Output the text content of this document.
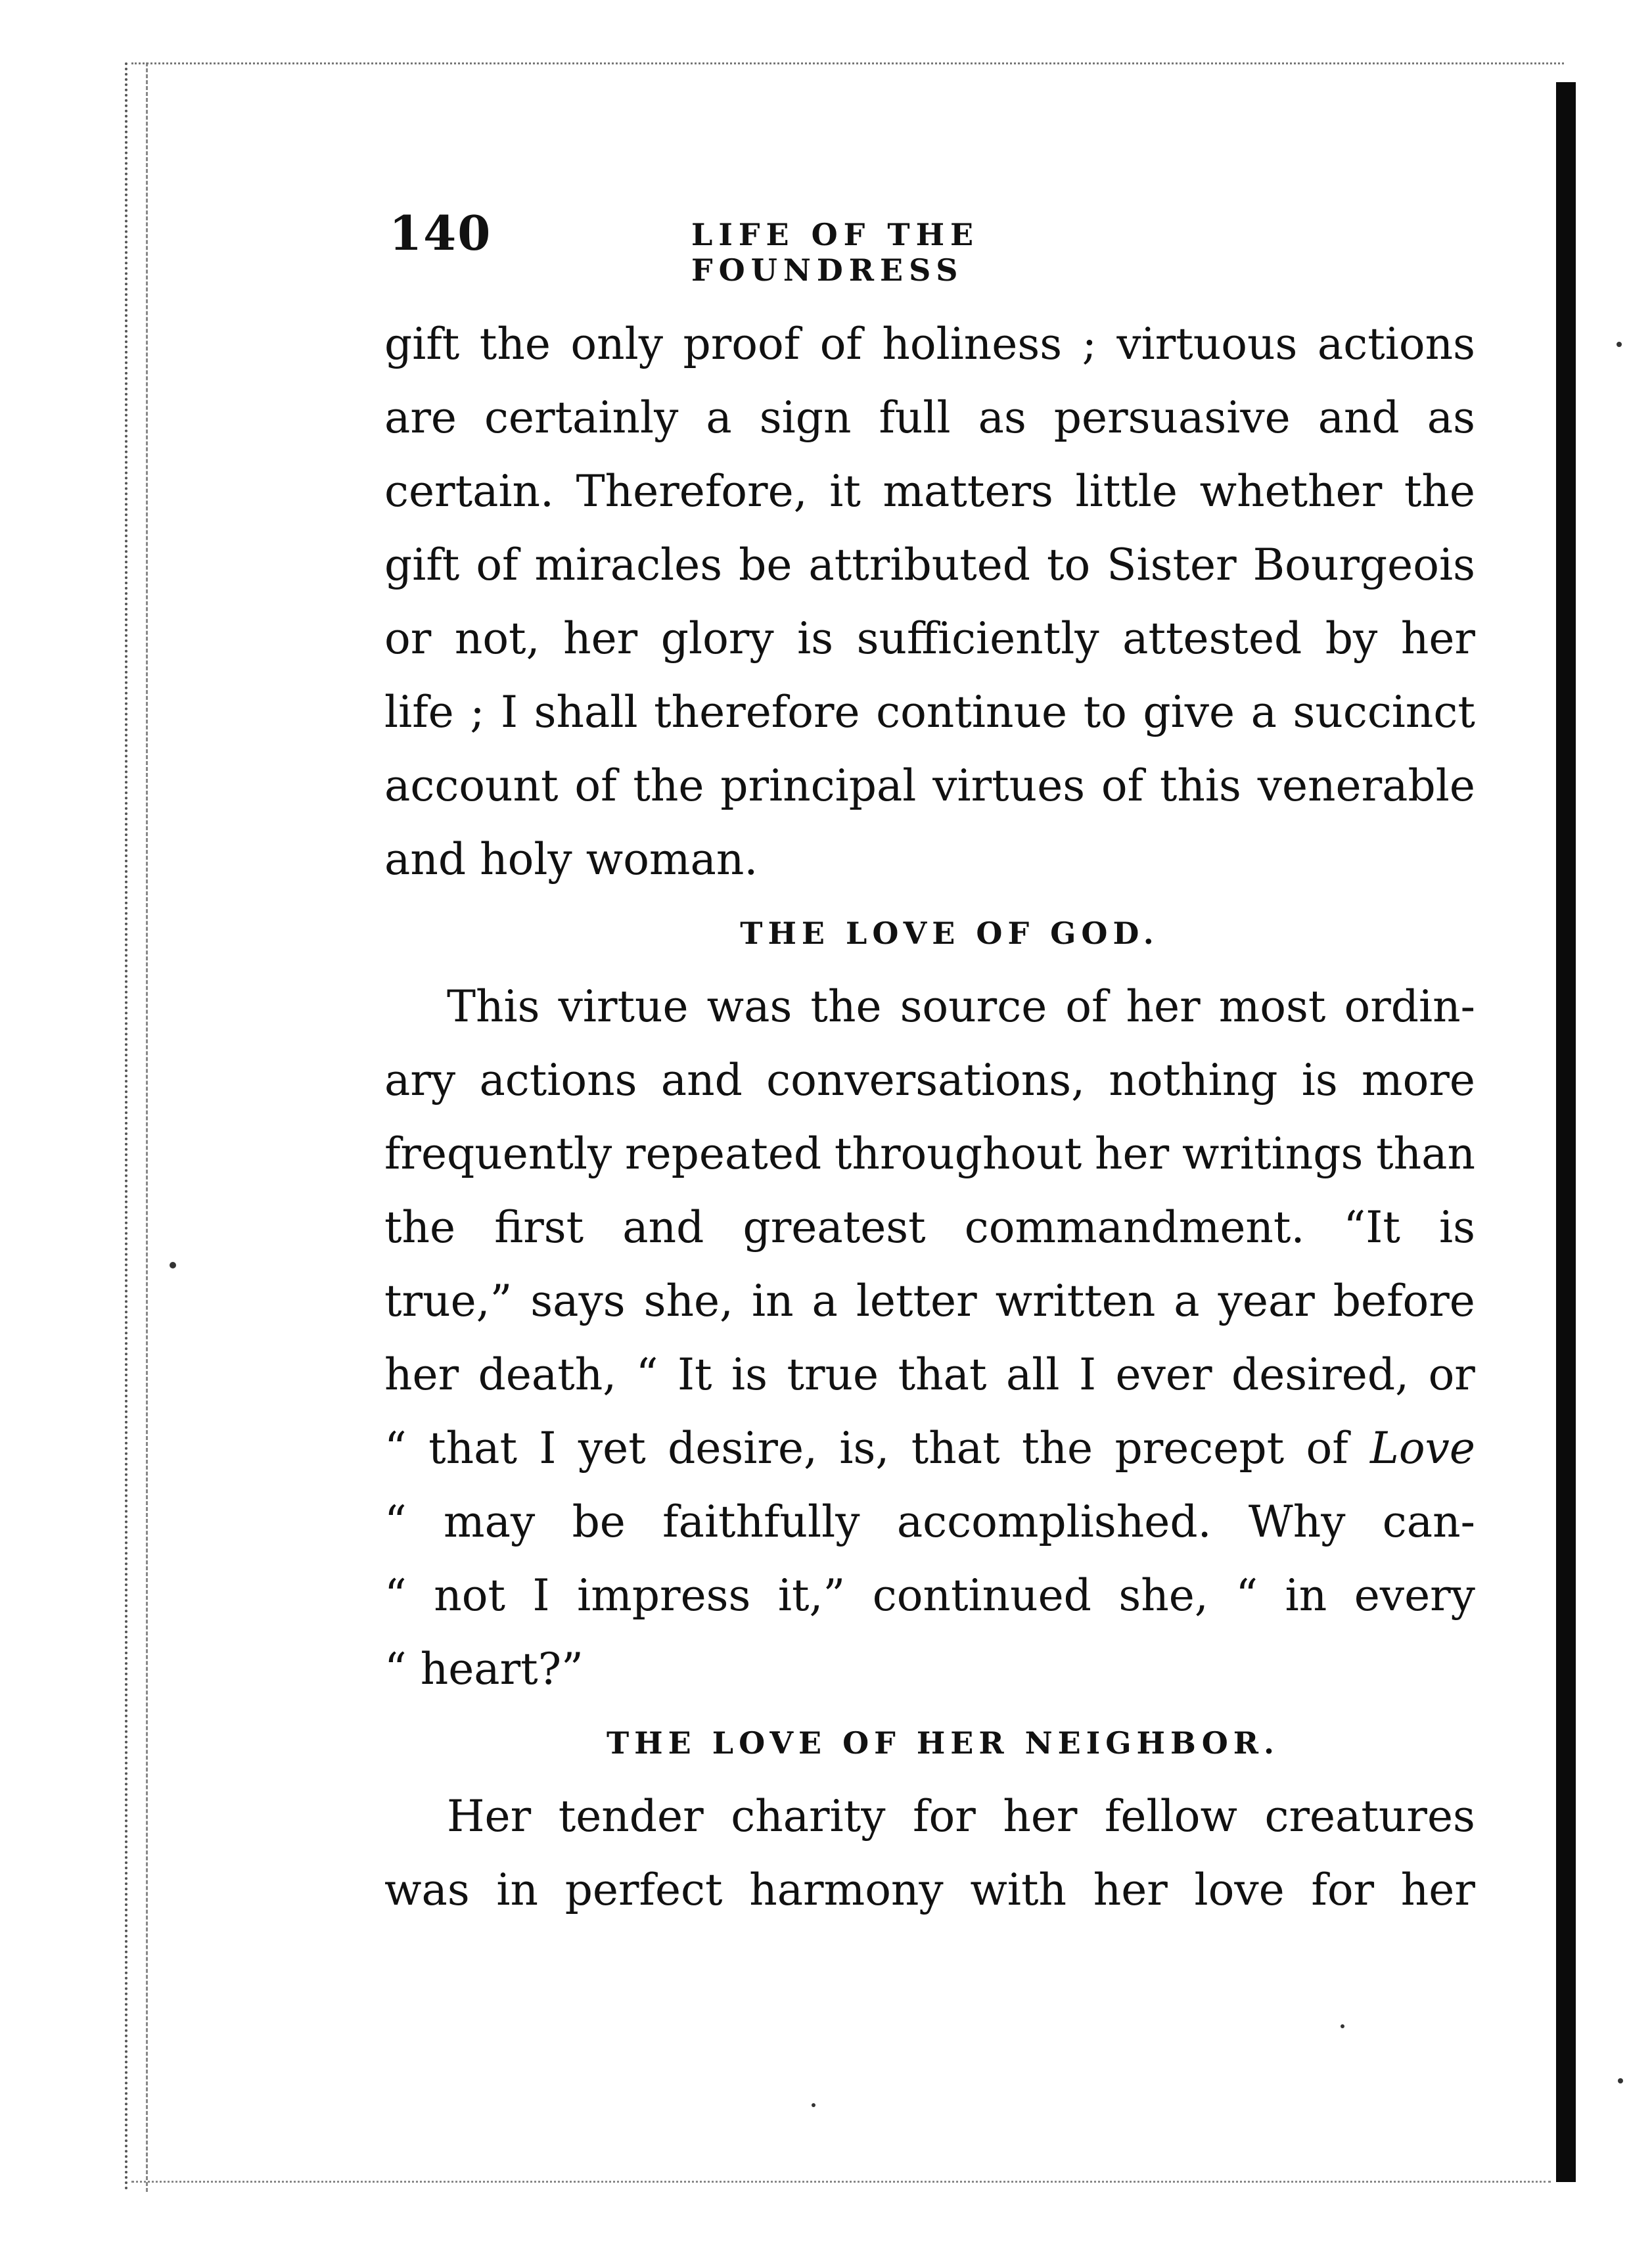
140	LIFE OF THE FOUNDRESS
gift the only proof of holiness ; virtuous actions
are certainly a sign full as persuasive and as
certain. Therefore, it matters little whether the
gift of miracles be attributed to Sister Bourgeois
or not, her glory is sufficiently attested by her
life ; I shall therefore continue to give a succinct
account of the principal virtues of this venerable
and holy woman.
THE LOVE OF GOD.
This virtue was the source of her most ordin-
ary actions and conversations, nothing is more
frequently repeated throughout her writings than
the first and greatest commandment. “It is
true,” says she, in a letter written a year before
her death, “ It is true that all I ever desired, or
“ that I yet desire, is, that the precept of Love
“ may be faithfully accomplished. Why can-
“ not I impress it,” continued she, “ in every
“ heart?”
THE LOVE OF HER NEIGHBOR.
Her tender charity for her fellow creatures
was in perfect harmony with her love for her
